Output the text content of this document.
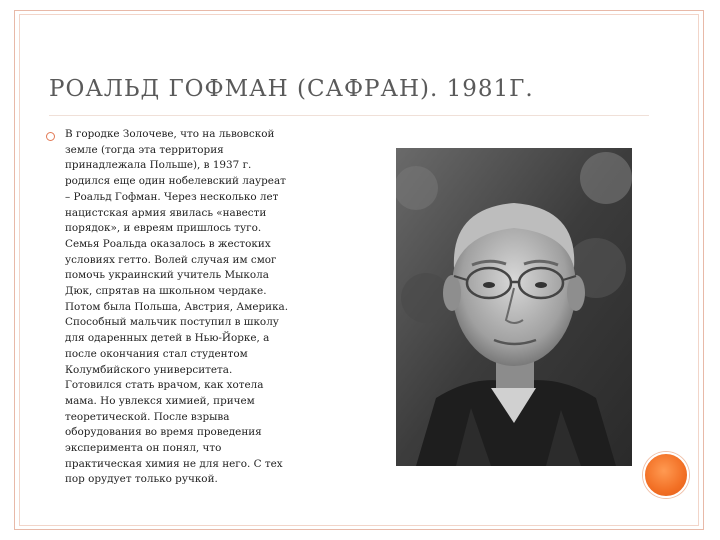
РОАЛЬД ГОФМАН (САФРАН). 1981Г.
В городке Золочеве, что на львовской
земле (тогда эта территория
принадлежала Польше), в 1937 г.
родился еще один нобелевский лауреат
– Роальд Гофман. Через несколько лет
нацистская армия явилась «навести
порядок», и евреям пришлось туго.
Семья Роальда оказалось в жестоких
условиях гетто. Волей случая им смог
помочь украинский учитель Мыкола
Дюк, спрятав на школьном чердаке.
Потом была Польша, Австрия, Америка.
Способный мальчик поступил в школу
для одаренных детей в Нью-Йорке, а
после окончания стал студентом
Колумбийского университета.
Готовился стать врачом, как хотела
мама. Но увлекся химией, причем
теоретической. После взрыва
оборудования во время проведения
эксперимента он понял, что
практическая химия не для него. С тех
пор орудует только ручкой.
